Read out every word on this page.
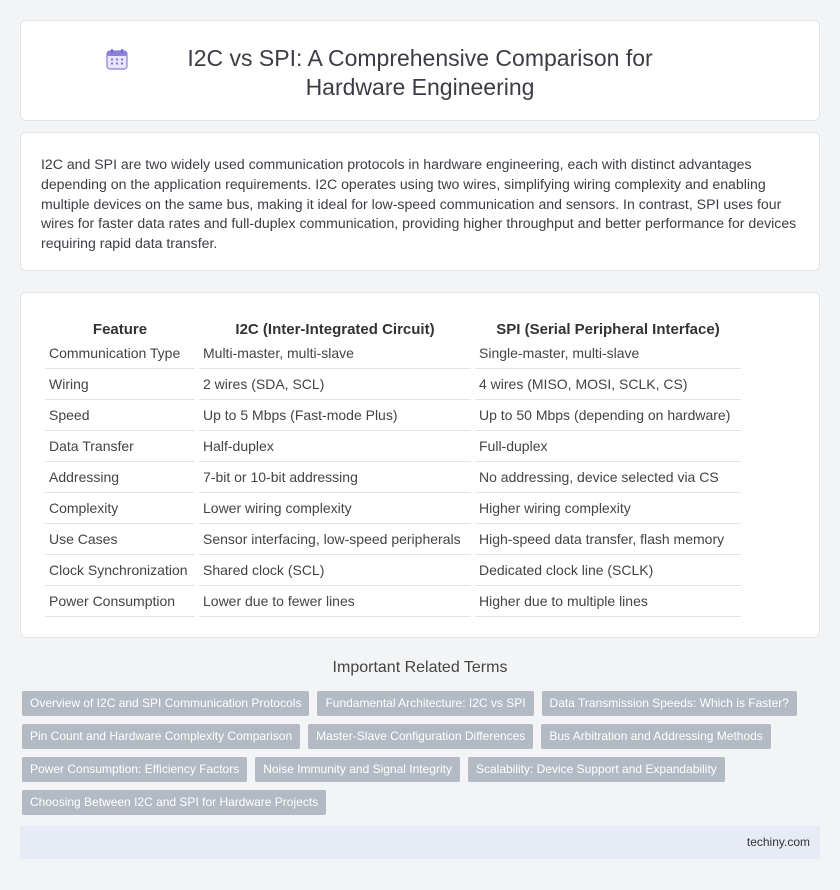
I2C vs SPI: A Comprehensive Comparison for Hardware Engineering

I2C and SPI are two widely used communication protocols in hardware engineering, each with distinct advantages depending on the application requirements. I2C operates using two wires, simplifying wiring complexity and enabling multiple devices on the same bus, making it ideal for low-speed communication and sensors. In contrast, SPI uses four wires for faster data rates and full-duplex communication, providing higher throughput and better performance for devices requiring rapid data transfer.

Feature	I2C (Inter-Integrated Circuit)	SPI (Serial Peripheral Interface)
Communication Type	Multi-master, multi-slave	Single-master, multi-slave
Wiring	2 wires (SDA, SCL)	4 wires (MISO, MOSI, SCLK, CS)
Speed	Up to 5 Mbps (Fast-mode Plus)	Up to 50 Mbps (depending on hardware)
Data Transfer	Half-duplex	Full-duplex
Addressing	7-bit or 10-bit addressing	No addressing, device selected via CS
Complexity	Lower wiring complexity	Higher wiring complexity
Use Cases	Sensor interfacing, low-speed peripherals	High-speed data transfer, flash memory
Clock Synchronization	Shared clock (SCL)	Dedicated clock line (SCLK)
Power Consumption	Lower due to fewer lines	Higher due to multiple lines
Important Related Terms
Overview of I2C and SPI Communication Protocols	Fundamental Architecture: I2C vs SPI	Data Transmission Speeds: Which is Faster?
Pin Count and Hardware Complexity Comparison	Master-Slave Configuration Differences	Bus Arbitration and Addressing Methods
Power Consumption: Efficiency Factors	Noise Immunity and Signal Integrity	Scalability: Device Support and Expandability
Choosing Between I2C and SPI for Hardware Projects
techiny.com
